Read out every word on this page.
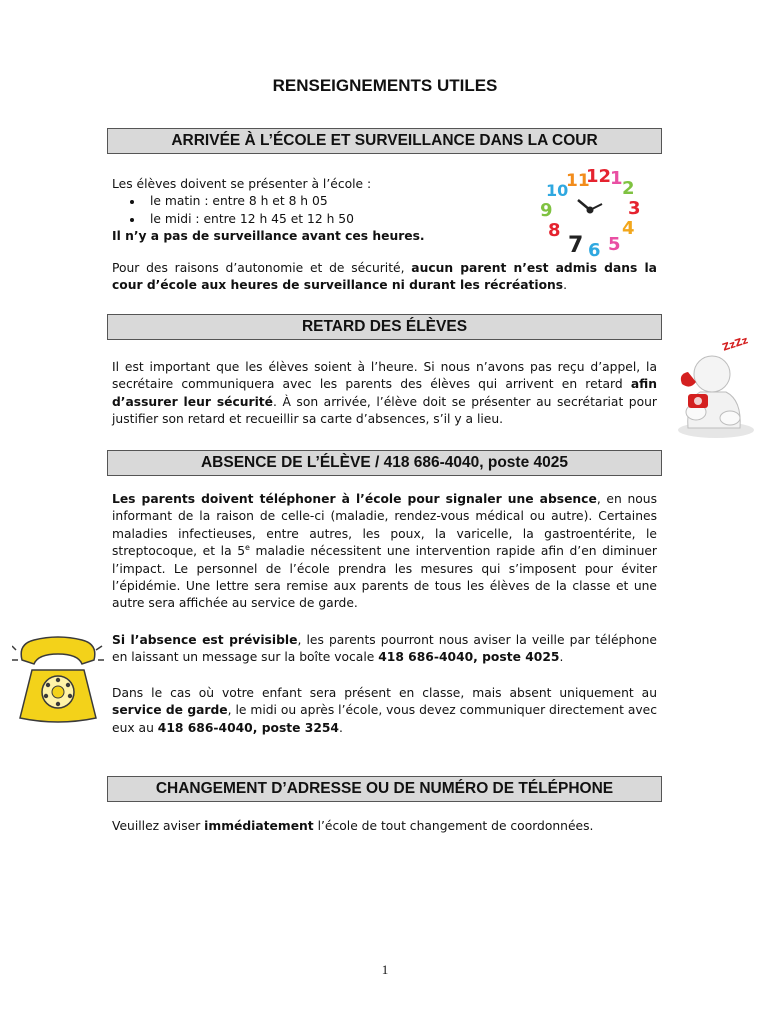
RENSEIGNEMENTS UTILES
ARRIVÉE À L’ÉCOLE ET SURVEILLANCE DANS LA COUR

Les élèves doivent se présenter à l’école :

• le matin : entre 8 h et 8 h 05
• le midi : entre 12 h 45 et 12 h 50

Il n’y a pas de surveillance avant ces heures.

12
11
10
1 2
3
4
5
6
7
8
9

Pour des raisons d’autonomie et de sécurité, aucun parent n’est admis dans la cour d’école aux heures de surveillance ni durant les récréations.

RETARD DES ÉLÈVES

Il est important que les élèves soient à l’heure. Si nous n’avons pas reçu d’appel, la secrétaire communiquera avec les parents des élèves qui arrivent en retard afin d’assurer leur sécurité. À son arrivée, l’élève doit se présenter au secrétariat pour justifier son retard et recueillir sa carte d’absences, s’il y a lieu.

ZzZz
ABSENCE DE L’ÉLÈVE / 418 686-4040, poste 4025

Les parents doivent téléphoner à l’école pour signaler une absence, en nous informant de la raison de celle-ci (maladie, rendez-vous médical ou autre). Certaines maladies infectieuses, entre autres, les poux, la varicelle, la gastroentérite, le streptocoque, et la 5e maladie nécessitent une intervention rapide afin d’en diminuer l’impact. Le personnel de l’école prendra les mesures qui s’imposent pour éviter l’épidémie. Une lettre sera remise aux parents de tous les élèves de la classe et une autre sera affichée au service de garde.

Si l’absence est prévisible, les parents pourront nous aviser la veille par téléphone en laissant un message sur la boîte vocale 418 686-4040, poste 4025.

Dans le cas où votre enfant sera présent en classe, mais absent uniquement au service de garde, le midi ou après l’école, vous devez communiquer directement avec eux au 418 686-4040, poste 3254.

CHANGEMENT D’ADRESSE OU DE NUMÉRO DE TÉLÉPHONE

Veuillez aviser immédiatement l’école de tout changement de coordonnées.

1
